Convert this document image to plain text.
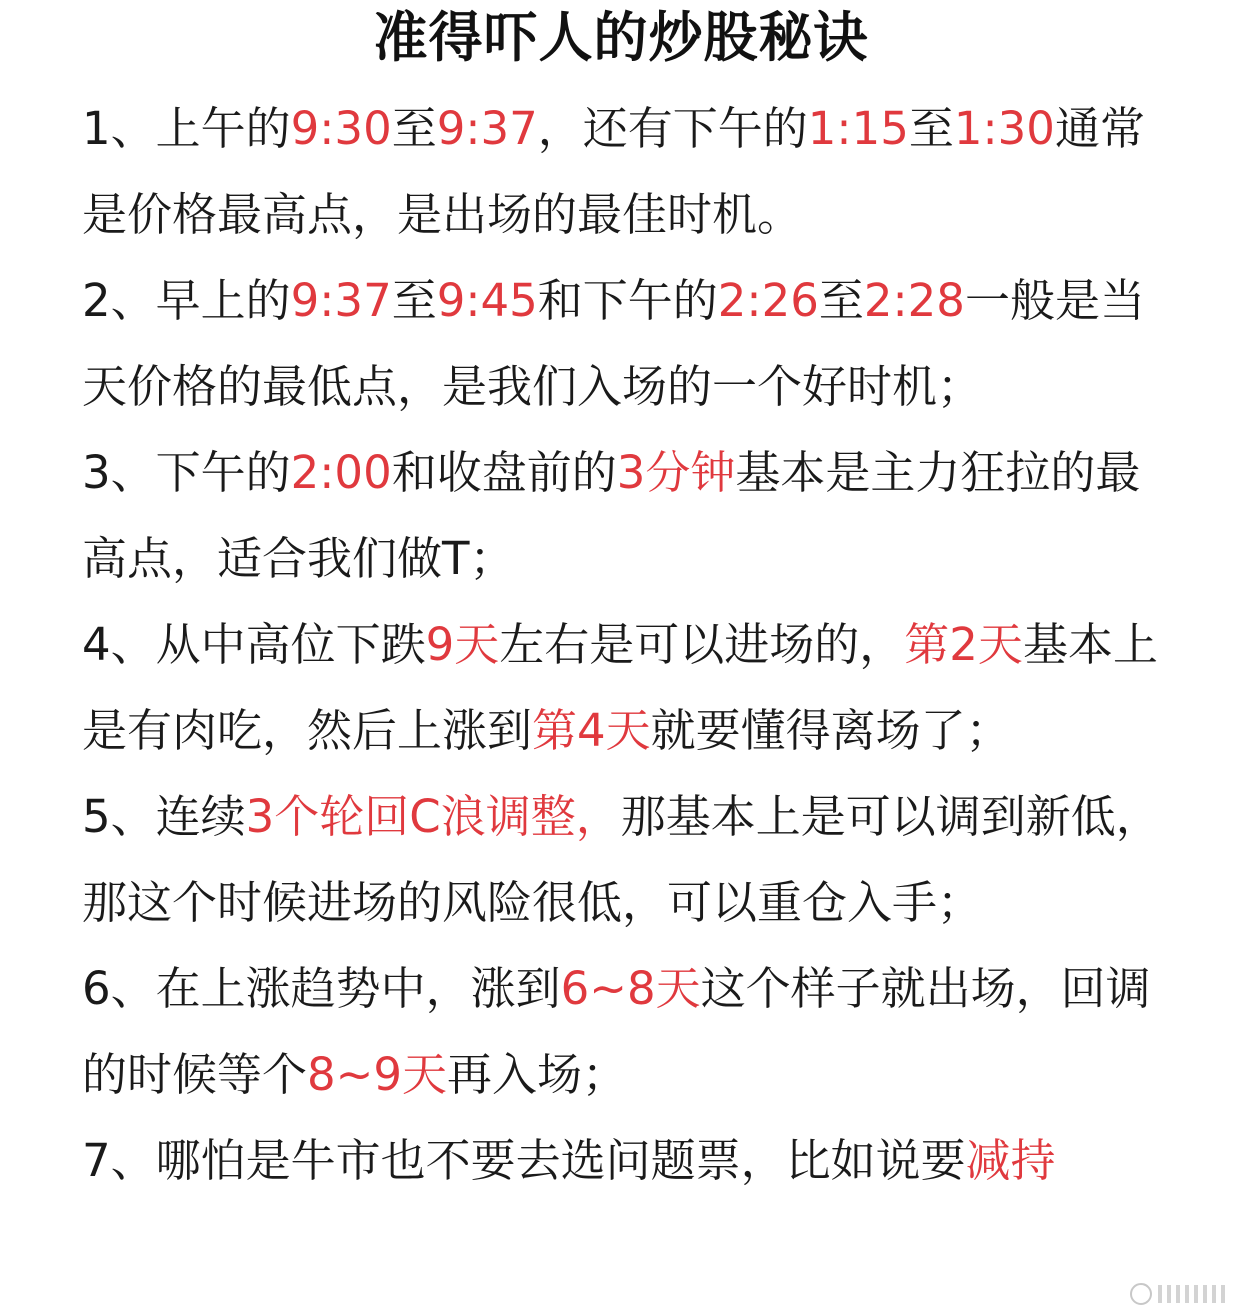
准得吓人的炒股秘诀

1、上午的9:30至9:37，还有下午的1:15至1:30通常是价格最高点，是出场的最佳时机。

2、早上的9:37至9:45和下午的2:26至2:28一般是当天价格的最低点，是我们入场的一个好时机；

3、下午的2:00和收盘前的3分钟基本是主力狂拉的最高点，适合我们做T；

4、从中高位下跌9天左右是可以进场的，第2天基本上是有肉吃，然后上涨到第4天就要懂得离场了；

5、连续3个轮回C浪调整，那基本上是可以调到新低，那这个时候进场的风险很低，可以重仓入手；

6、在上涨趋势中，涨到6~8天这个样子就出场，回调的时候等个8~9天再入场；

7、哪怕是牛市也不要去选问题票，比如说要减持
